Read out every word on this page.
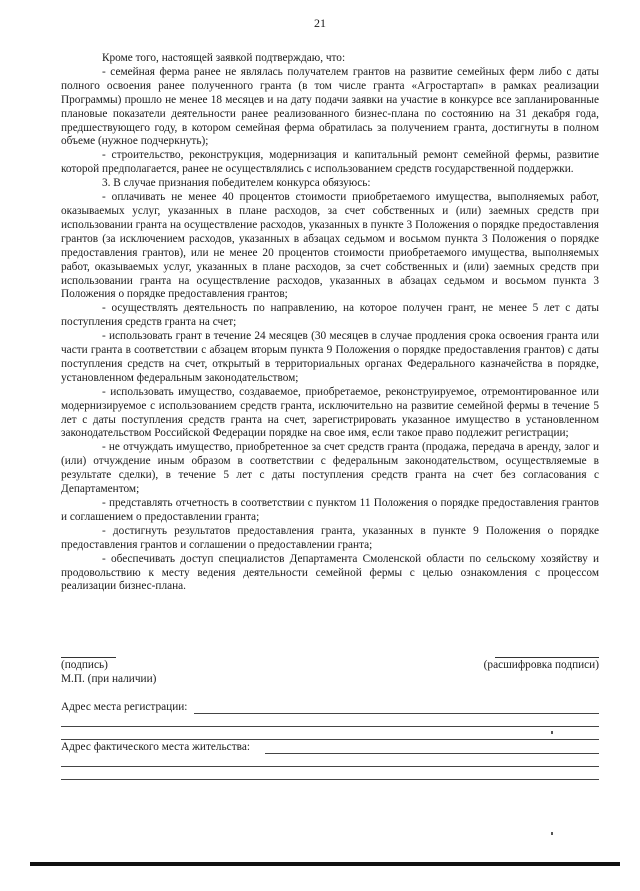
21

Кроме того, настоящей заявкой подтверждаю, что:

- семейная ферма ранее не являлась получателем грантов на развитие семейных ферм либо с даты полного освоения ранее полученного гранта (в том числе гранта «Агростартап» в рамках реализации Программы) прошло не менее 18 месяцев и на дату подачи заявки на участие в конкурсе все запланированные плановые показатели деятельности ранее реализованного бизнес-плана по состоянию на 31 декабря года, предшествующего году, в котором семейная ферма обратилась за получением гранта, достигнуты в полном объеме (нужное подчеркнуть);

- строительство, реконструкция, модернизация и капитальный ремонт семейной фермы, развитие которой предполагается, ранее не осуществлялись с использованием средств государственной поддержки.

3. В случае признания победителем конкурса обязуюсь:

- оплачивать не менее 40 процентов стоимости приобретаемого имущества, выполняемых работ, оказываемых услуг, указанных в плане расходов, за счет собственных и (или) заемных средств при использовании гранта на осуществление расходов, указанных в пункте 3 Положения о порядке предоставления грантов (за исключением расходов, указанных в абзацах седьмом и восьмом пункта 3 Положения о порядке предоставления грантов), или не менее 20 процентов стоимости приобретаемого имущества, выполняемых работ, оказываемых услуг, указанных в плане расходов, за счет собственных и (или) заемных средств при использовании гранта на осуществление расходов, указанных в абзацах седьмом и восьмом пункта 3 Положения о порядке предоставления грантов;

- осуществлять деятельность по направлению, на которое получен грант, не менее 5 лет с даты поступления средств гранта на счет;

- использовать грант в течение 24 месяцев (30 месяцев в случае продления срока освоения гранта или части гранта в соответствии с абзацем вторым пункта 9 Положения о порядке предоставления грантов) с даты поступления средств на счет, открытый в территориальных органах Федерального казначейства в порядке, установленном федеральным законодательством;

- использовать имущество, создаваемое, приобретаемое, реконструируемое, отремонтированное или модернизируемое с использованием средств гранта, исключительно на развитие семейной фермы в течение 5 лет с даты поступления средств гранта на счет, зарегистрировать указанное имущество в установленном законодательством Российской Федерации порядке на свое имя, если такое право подлежит регистрации;

- не отчуждать имущество, приобретенное за счет средств гранта (продажа, передача в аренду, залог и (или) отчуждение иным образом в соответствии с федеральным законодательством, осуществляемые в результате сделки), в течение 5 лет с даты поступления средств гранта на счет без согласования с Департаментом;

- представлять отчетность в соответствии с пунктом 11 Положения о порядке предоставления грантов и соглашением о предоставлении гранта;

- достигнуть результатов предоставления гранта, указанных в пункте 9 Положения о порядке предоставления грантов и соглашении о предоставлении гранта;

- обеспечивать доступ специалистов Департамента Смоленской области по сельскому хозяйству и продовольствию к месту ведения деятельности семейной фермы с целью ознакомления с процессом реализации бизнес-плана.

(подпись)	(расшифровка подписи)
М.П. (при наличии)
Адрес места регистрации:
Адрес фактического места жительства:
